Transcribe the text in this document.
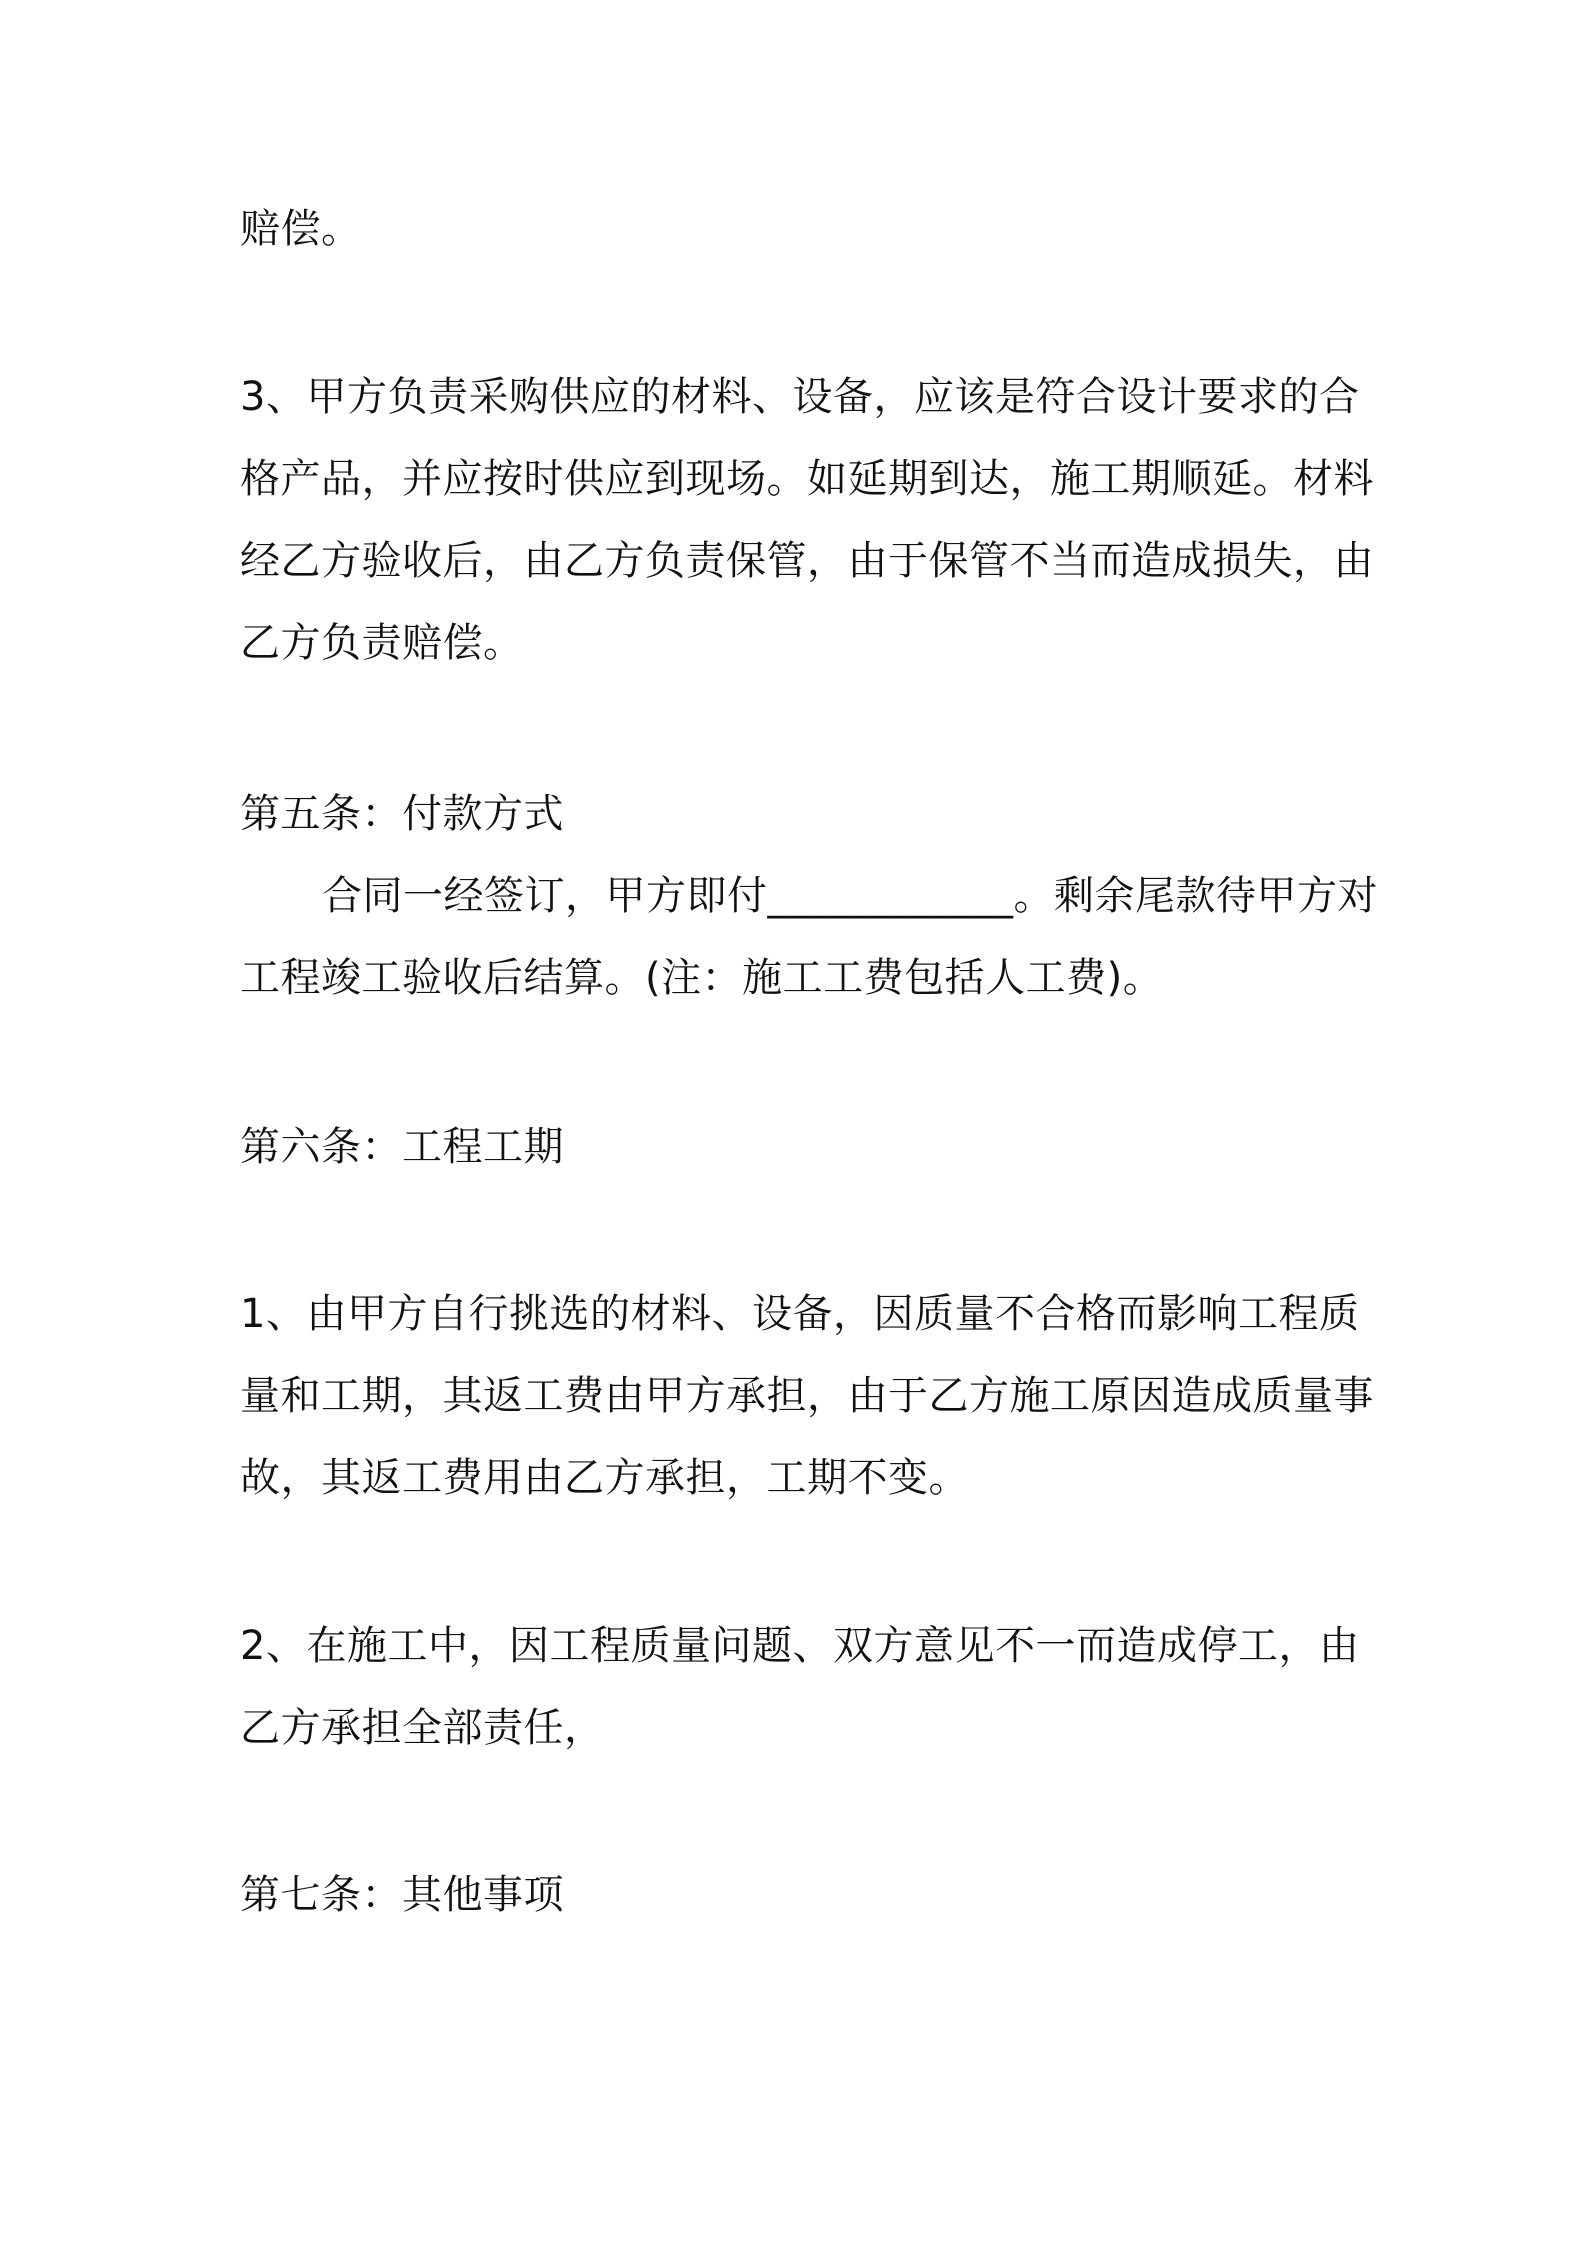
赔偿。
3、甲方负责采购供应的材料、设备，应该是符合设计要求的合
格产品，并应按时供应到现场。如延期到达，施工期顺延。材料
经乙方验收后，由乙方负责保管，由于保管不当而造成损失，由
乙方负责赔偿。
第五条：付款方式
合同一经签订，甲方即付____________。剩余尾款待甲方对
工程竣工验收后结算。(注：施工工费包括人工费)。
第六条：工程工期
1、由甲方自行挑选的材料、设备，因质量不合格而影响工程质
量和工期，其返工费由甲方承担，由于乙方施工原因造成质量事
故，其返工费用由乙方承担，工期不变。
2、在施工中，因工程质量问题、双方意见不一而造成停工，由
乙方承担全部责任，
第七条：其他事项
